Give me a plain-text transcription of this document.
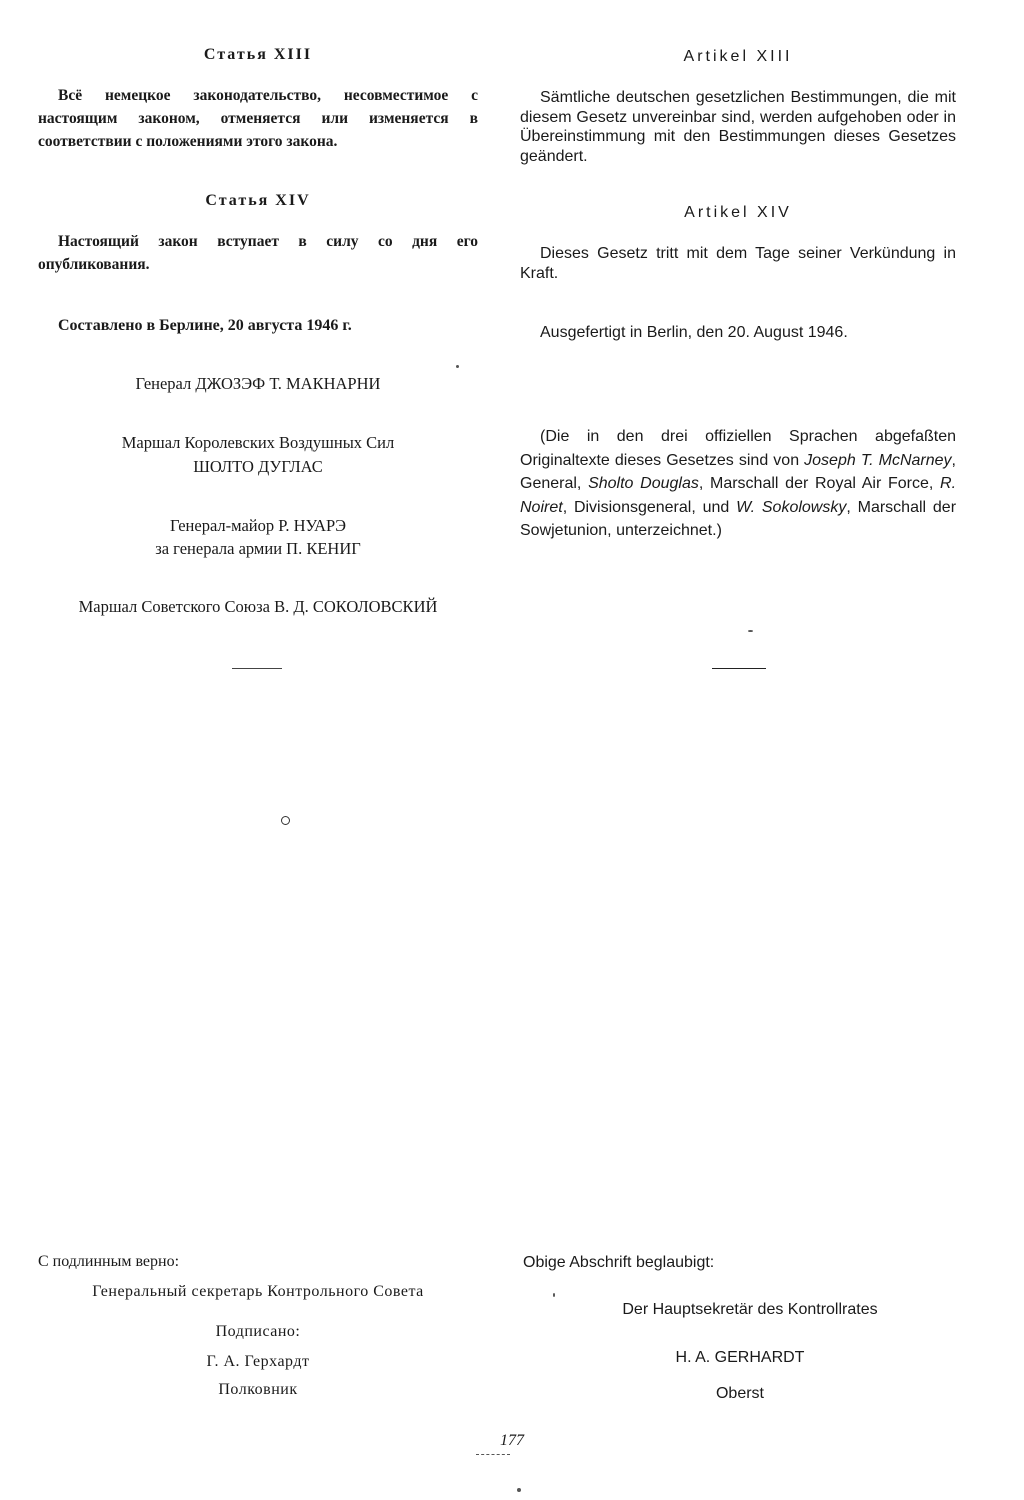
Статья XIII
Всё немецкое законодательство, несовместимое с настоящим законом, отменяется или изменяется в соответствии с положениями этого закона.
Статья XIV
Настоящий закон вступает в силу со дня его опубликования.
Составлено в Берлине, 20 августа 1946 г.
Генерал ДЖОЗЭФ Т. МАКНАРНИ
Маршал Королевских Воздушных Сил
ШОЛТО ДУГЛАС
Генерал-майор Р. НУАРЭ
за генерала армии П. КЕНИГ
Маршал Советского Союза В. Д. СОКОЛОВСКИЙ
С подлинным верно:
Генеральный секретарь Контрольного Совета
Подписано:
Г. А. Герхардт
Полковник
Artikel XIII
Sämtliche deutschen gesetzlichen Bestimmungen, die mit diesem Gesetz unvereinbar sind, werden aufgehoben oder in Übereinstimmung mit den Bestimmungen dieses Gesetzes geändert.
Artikel XIV
Dieses Gesetz tritt mit dem Tage seiner Verkündung in Kraft.
Ausgefertigt in Berlin, den 20. August 1946.
(Die in den drei offiziellen Sprachen abgefaßten Originaltexte dieses Gesetzes sind von Joseph T. McNarney, General, Sholto Douglas, Marschall der Royal Air Force, R. Noiret, Divisionsgeneral, und W. Sokolowsky, Marschall der Sowjetunion, unterzeichnet.)
Obige Abschrift beglaubigt:
Der Hauptsekretär des Kontrollrates
H. A. GERHARDT
Oberst
177
